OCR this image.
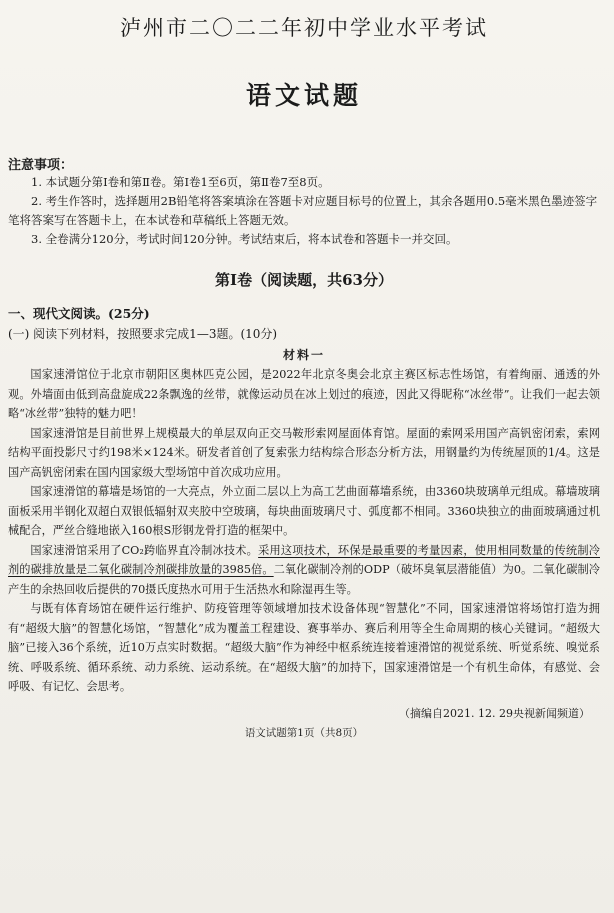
泸州市二〇二二年初中学业水平考试
语文试题
注意事项：

1. 本试题分第Ⅰ卷和第Ⅱ卷。第Ⅰ卷1至6页，第Ⅱ卷7至8页。

2. 考生作答时，选择题用2B铅笔将答案填涂在答题卡对应题目标号的位置上，其余各题用0.5毫米黑色墨迹签字笔将答案写在答题卡上，在本试卷和草稿纸上答题无效。

3. 全卷满分120分，考试时间120分钟。考试结束后，将本试卷和答题卡一并交回。

第Ⅰ卷（阅读题，共63分）

一、现代文阅读。(25分)

(一) 阅读下列材料，按照要求完成1—3题。(10分)

材料一

国家速滑馆位于北京市朝阳区奥林匹克公园，是2022年北京冬奥会北京主赛区标志性场馆，有着绚丽、通透的外观。外墙面由低到高盘旋成22条飘逸的丝带，就像运动员在冰上划过的痕迹，因此又得昵称“冰丝带”。让我们一起去领略“冰丝带”独特的魅力吧！

国家速滑馆是目前世界上规模最大的单层双向正交马鞍形索网屋面体育馆。屋面的索网采用国产高钒密闭索，索网结构平面投影尺寸约198米×124米。研发者首创了复索张力结构综合形态分析方法，用钢量约为传统屋顶的1/4。这是国产高钒密闭索在国内国家级大型场馆中首次成功应用。

国家速滑馆的幕墙是场馆的一大亮点，外立面二层以上为高工艺曲面幕墙系统，由3360块玻璃单元组成。幕墙玻璃面板采用半钢化双超白双银低辐射双夹胶中空玻璃，每块曲面玻璃尺寸、弧度都不相同。3360块独立的曲面玻璃通过机械配合，严丝合缝地嵌入160根S形钢龙骨打造的框架中。

国家速滑馆采用了CO₂跨临界直冷制冰技术。采用这项技术，环保是最重要的考量因素，使用相同数量的传统制冷剂的碳排放量是二氧化碳制冷剂碳排放量的3985倍。二氧化碳制冷剂的ODP（破坏臭氧层潜能值）为0。二氧化碳制冷产生的余热回收后提供的70摄氏度热水可用于生活热水和除湿再生等。

与既有体育场馆在硬件运行维护、防疫管理等领域增加技术设备体现“智慧化”不同，国家速滑馆将场馆打造为拥有“超级大脑”的智慧化场馆，“智慧化”成为覆盖工程建设、赛事举办、赛后利用等全生命周期的核心关键词。“超级大脑”已接入36个系统，近10万点实时数据。“超级大脑”作为神经中枢系统连接着速滑馆的视觉系统、听觉系统、嗅觉系统、呼吸系统、循环系统、动力系统、运动系统。在“超级大脑”的加持下，国家速滑馆是一个有机生命体，有感觉、会呼吸、有记忆、会思考。

（摘编自2021. 12. 29央视新闻频道）
语文试题第1页（共8页）
